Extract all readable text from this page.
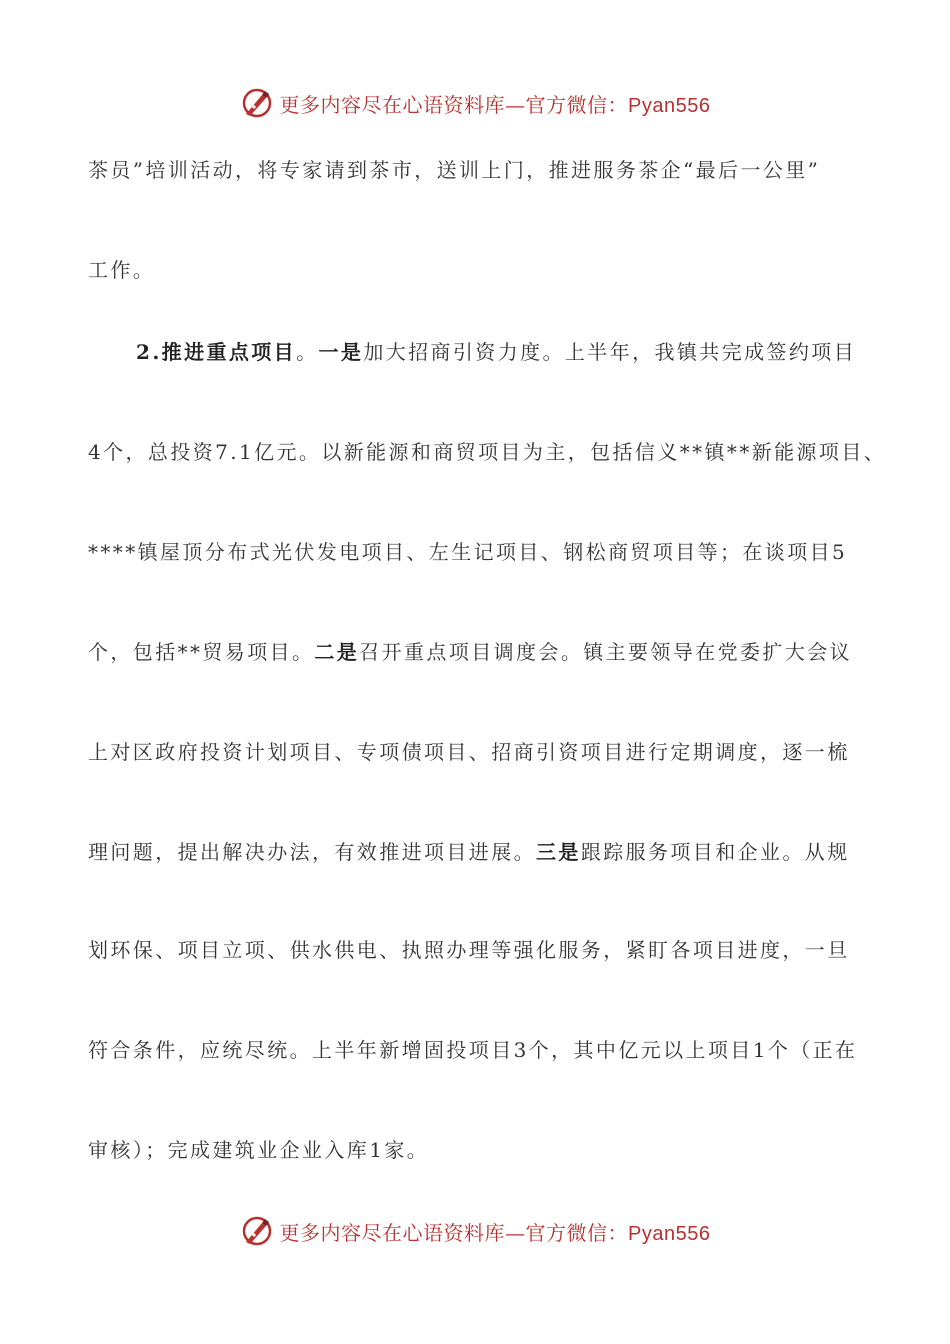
更多内容尽在心语资料库—官方微信：Pyan556
茶员”培训活动，将专家请到茶市，送训上门，推进服务茶企“最后一公里”
工作。
2.推进重点项目。一是加大招商引资力度。上半年，我镇共完成签约项目
4个，总投资7.1亿元。以新能源和商贸项目为主，包括信义**镇**新能源项目、
****镇屋顶分布式光伏发电项目、左生记项目、钢松商贸项目等；在谈项目5
个，包括**贸易项目。二是召开重点项目调度会。镇主要领导在党委扩大会议
上对区政府投资计划项目、专项债项目、招商引资项目进行定期调度，逐一梳
理问题，提出解决办法，有效推进项目进展。三是跟踪服务项目和企业。从规
划环保、项目立项、供水供电、执照办理等强化服务，紧盯各项目进度，一旦
符合条件，应统尽统。上半年新增固投项目3个，其中亿元以上项目1个（正在
审核）；完成建筑业企业入库1家。
更多内容尽在心语资料库—官方微信：Pyan556
